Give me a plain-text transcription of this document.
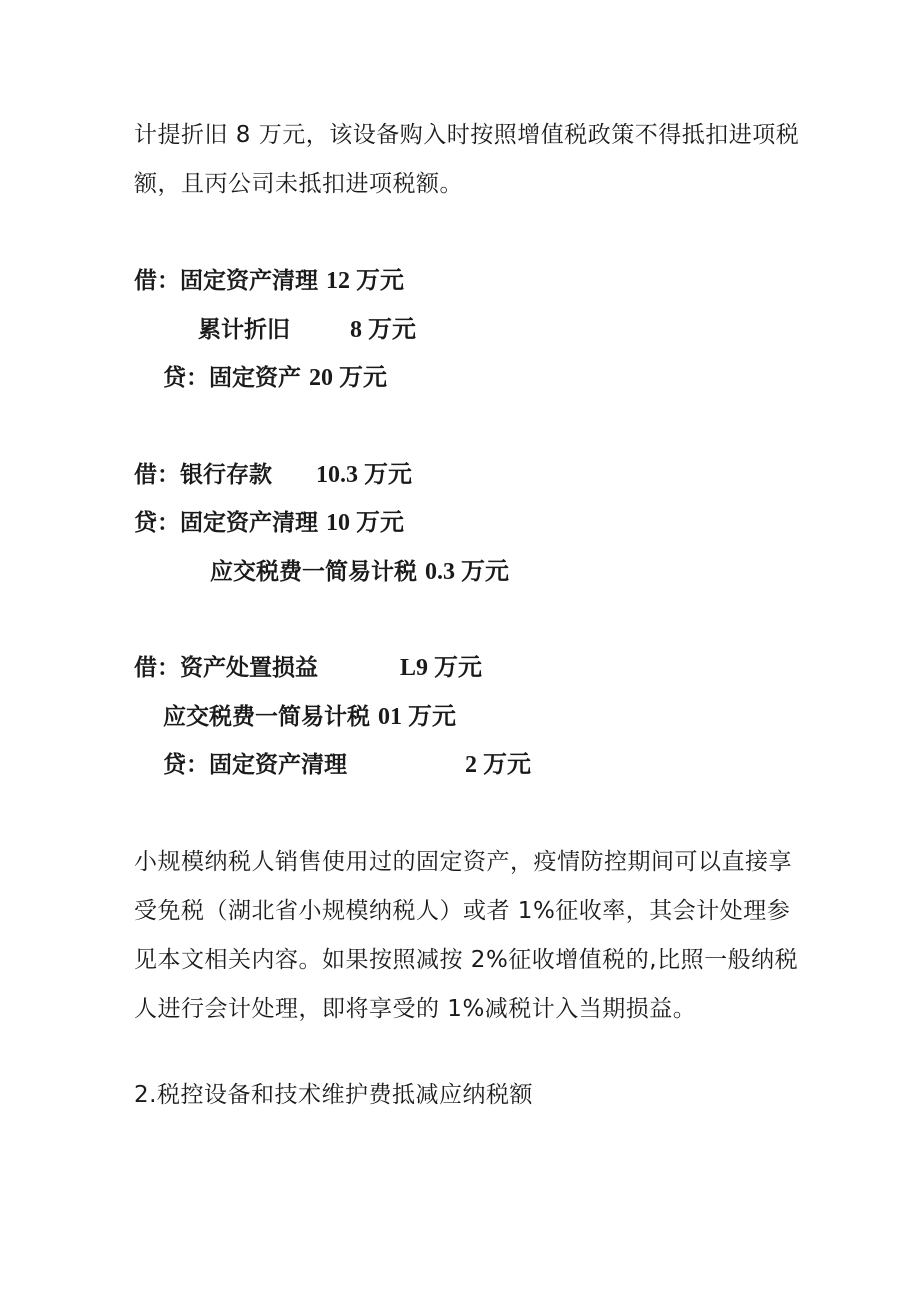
计提折旧 8 万元，该设备购入时按照增值税政策不得抵扣进项税
额，且丙公司未抵扣进项税额。
借：固定资产清理 12 万元
累计折旧	8 万元
贷：固定资产 20 万元
借：银行存款 10.3 万元
贷：固定资产清理 10 万元
应交税费一简易计税 0.3 万元
借：资产处置损益	L9 万元
应交税费一简易计税 01 万元
贷：固定资产清理	2 万元
小规模纳税人销售使用过的固定资产，疫情防控期间可以直接享
受免税（湖北省小规模纳税人）或者 1%征收率，其会计处理参
见本文相关内容。如果按照减按 2%征收增值税的,比照一般纳税
人进行会计处理，即将享受的 1%减税计入当期损益。
2.税控设备和技术维护费抵减应纳税额
